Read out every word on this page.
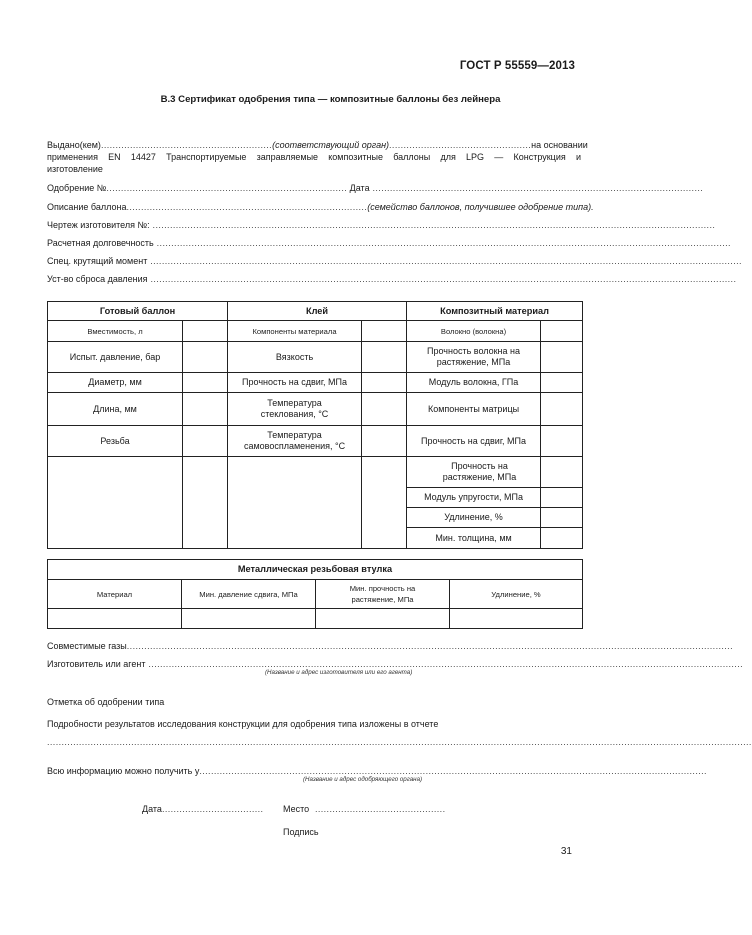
ГОСТ Р 55559—2013
В.3 Сертификат одобрения типа — композитные баллоны без лейнера
Выдано(кем)...........................................................(соответствующий орган).................................................на основании
применения EN 14427 Транспортируемые заправляемые композитные баллоны для LPG — Конструкция и
изготовление
Одобрение №................................................................................... Дата ..................................................................................................................
Описание баллона...................................................................................(семейство баллонов, получившее одобрение типа).
Чертеж изготовителя №: ..................................................................................................................................................................................................
Расчетная долговечность ......................................................................................................................................................................................................
Спец. крутящий момент ............................................................................................................................................................................................................
Уст-во сброса давления ..........................................................................................................................................................................................................
Готовый баллон		Клей		Композитный материал	
Вместимость, л		Компоненты материала		Волокно (волокна)	
Испыт. давление, бар		Вязкость		Прочность волокна на растяжение, МПа	
Диаметр, мм		Прочность на сдвиг, МПа		Модуль волокна, ГПа	
Длина, мм		Температура стеклования, °С		Компоненты матрицы	
Резьба		Температура самовоспламенения, °С		Прочность на сдвиг, МПа	
				Прочность на растяжение, МПа	
				Модуль упругости, МПа	
				Удлинение, %	
				Мин. толщина, мм	
Металлическая резьбовая втулка			
Материал	Мин. давление сдвига, МПа	Мин. прочность на растяжение, МПа	Удлинение, %

Совместимые газы.................................................................................................................................................................................................................
Изготовитель или агент .............................................................................................................................................................................................................
(Название и адрес изготовителя или его агента)
Отметка об одобрении типа
Подробности результатов исследования конструкции для одобрения типа изложены в отчете
...................................................................................................................................................................................................................................................
Всю информацию можно получить у...............................................................................................................................................................................
(Название и адрес одобряющего органа)
Дата................................... Место  .............................................
Подпись
31
